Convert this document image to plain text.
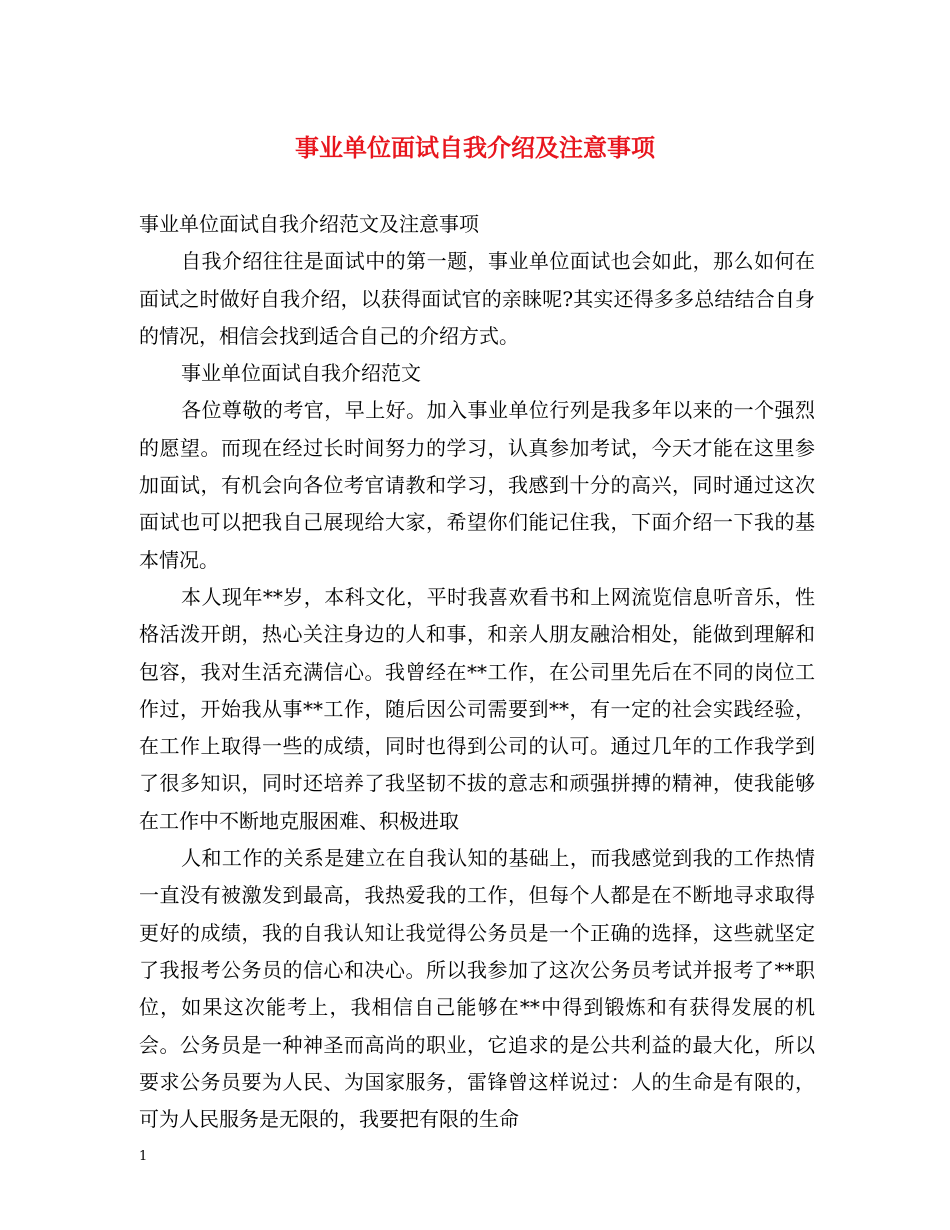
事业单位面试自我介绍及注意事项

事业单位面试自我介绍范文及注意事项

自我介绍往往是面试中的第一题，事业单位面试也会如此，那么如何在面试之时做好自我介绍，以获得面试官的亲睐呢?其实还得多多总结结合自身的情况，相信会找到适合自己的介绍方式。

事业单位面试自我介绍范文

各位尊敬的考官，早上好。加入事业单位行列是我多年以来的一个强烈的愿望。而现在经过长时间努力的学习，认真参加考试，今天才能在这里参加面试，有机会向各位考官请教和学习，我感到十分的高兴，同时通过这次面试也可以把我自己展现给大家，希望你们能记住我，下面介绍一下我的基本情况。

本人现年**岁，本科文化，平时我喜欢看书和上网流览信息听音乐，性格活泼开朗，热心关注身边的人和事，和亲人朋友融洽相处，能做到理解和包容，我对生活充满信心。我曾经在**工作，在公司里先后在不同的岗位工作过，开始我从事**工作，随后因公司需要到**，有一定的社会实践经验，在工作上取得一些的成绩，同时也得到公司的认可。通过几年的工作我学到了很多知识，同时还培养了我坚韧不拔的意志和顽强拼搏的精神，使我能够在工作中不断地克服困难、积极进取

人和工作的关系是建立在自我认知的基础上，而我感觉到我的工作热情一直没有被激发到最高，我热爱我的工作，但每个人都是在不断地寻求取得更好的成绩，我的自我认知让我觉得公务员是一个正确的选择，这些就坚定了我报考公务员的信心和决心。所以我参加了这次公务员考试并报考了**职位，如果这次能考上，我相信自己能够在**中得到锻炼和有获得发展的机会。公务员是一种神圣而高尚的职业，它追求的是公共利益的最大化，所以要求公务员要为人民、为国家服务，雷锋曾这样说过：人的生命是有限的，可为人民服务是无限的，我要把有限的生命

1
